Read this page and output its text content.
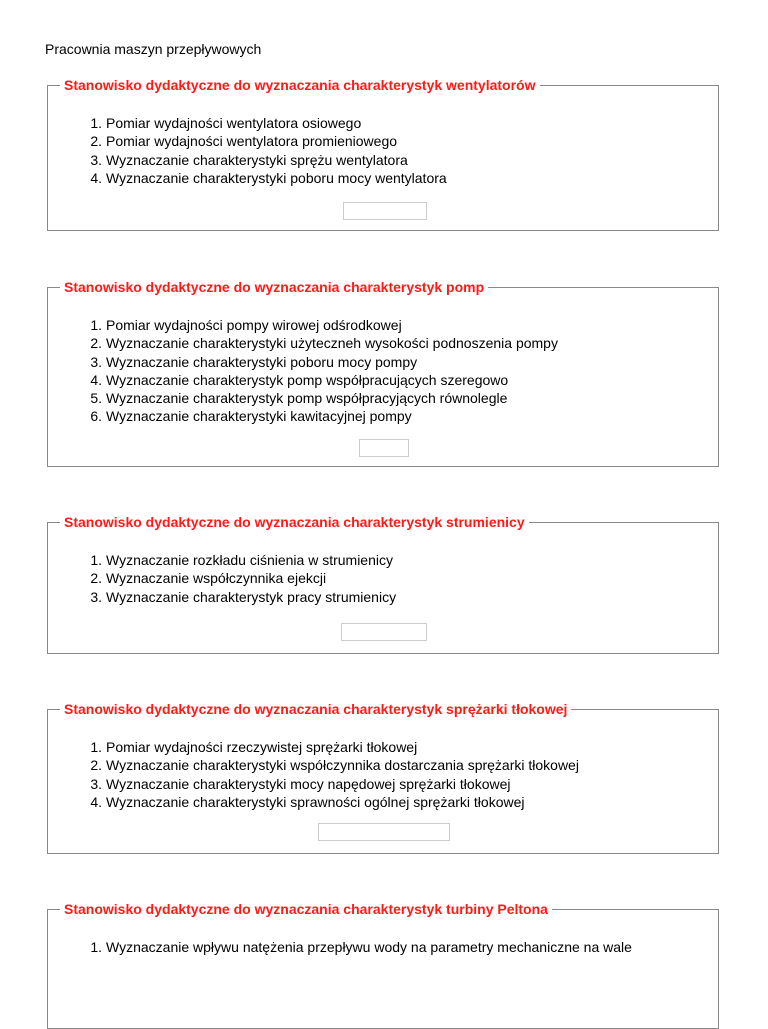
Pracownia maszyn przepływowych
Stanowisko dydaktyczne do wyznaczania charakterystyk wentylatorów
1. Pomiar wydajności wentylatora osiowego
2. Pomiar wydajności wentylatora promieniowego
3. Wyznaczanie charakterystyki sprężu wentylatora
4. Wyznaczanie charakterystyki poboru mocy wentylatora
Stanowisko dydaktyczne do wyznaczania charakterystyk pomp
1. Pomiar wydajności pompy wirowej odśrodkowej
2. Wyznaczanie charakterystyki użyteczneh wysokości podnoszenia pompy
3. Wyznaczanie charakterystyki poboru mocy pompy
4. Wyznaczanie charakterystyk pomp współpracujących szeregowo
5. Wyznaczanie charakterystyk pomp współpracyjących równolegle
6. Wyznaczanie charakterystyki kawitacyjnej pompy
Stanowisko dydaktyczne do wyznaczania charakterystyk strumienicy
1. Wyznaczanie rozkładu ciśnienia w strumienicy
2. Wyznaczanie współczynnika ejekcji
3. Wyznaczanie charakterystyk pracy strumienicy
Stanowisko dydaktyczne do wyznaczania charakterystyk sprężarki tłokowej
1. Pomiar wydajności rzeczywistej sprężarki tłokowej
2. Wyznaczanie charakterystyki współczynnika dostarczania sprężarki tłokowej
3. Wyznaczanie charakterystyki mocy napędowej sprężarki tłokowej
4. Wyznaczanie charakterystyki sprawności ogólnej sprężarki tłokowej
Stanowisko dydaktyczne do wyznaczania charakterystyk turbiny Peltona
1. Wyznaczanie wpływu natężenia przepływu wody na parametry mechaniczne na wale
